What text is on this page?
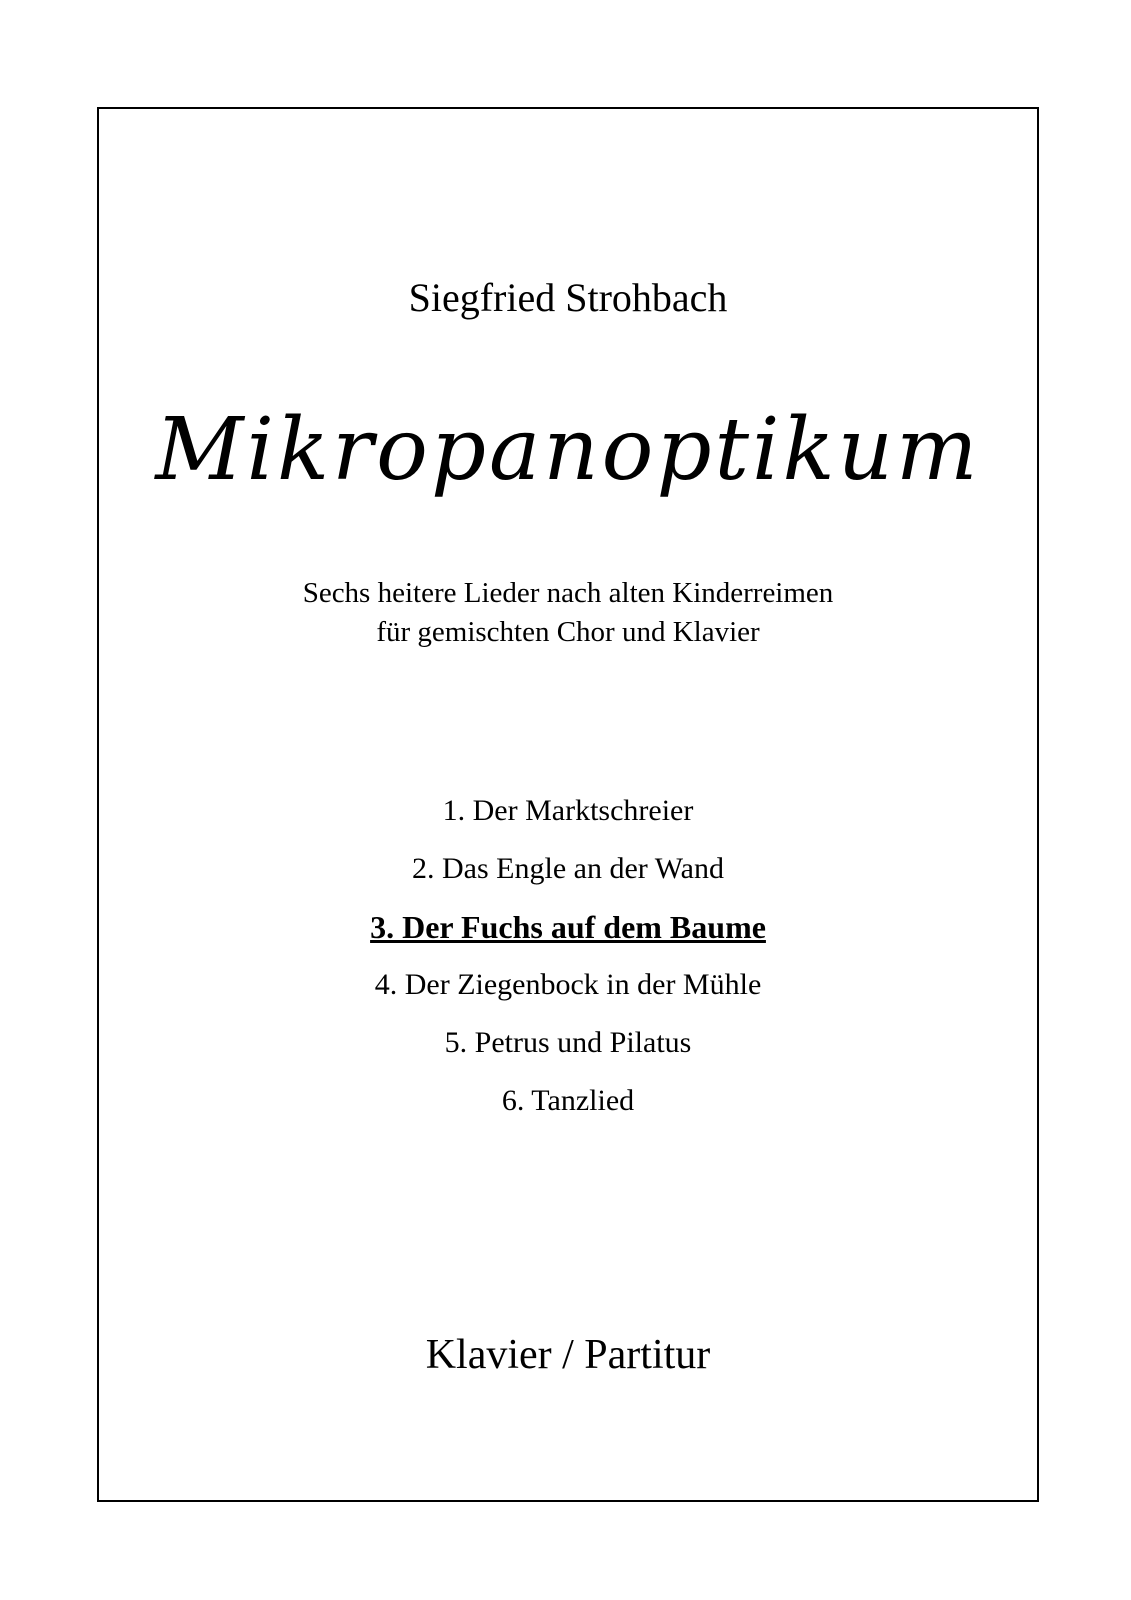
Siegfried Strohbach
Mikropanoptikum
Sechs heitere Lieder nach alten Kinderreimen
für gemischten Chor und Klavier
1. Der Marktschreier
2. Das Engle an der Wand
3. Der Fuchs auf dem Baume
4. Der Ziegenbock in der Mühle
5. Petrus und Pilatus
6. Tanzlied
Klavier / Partitur
